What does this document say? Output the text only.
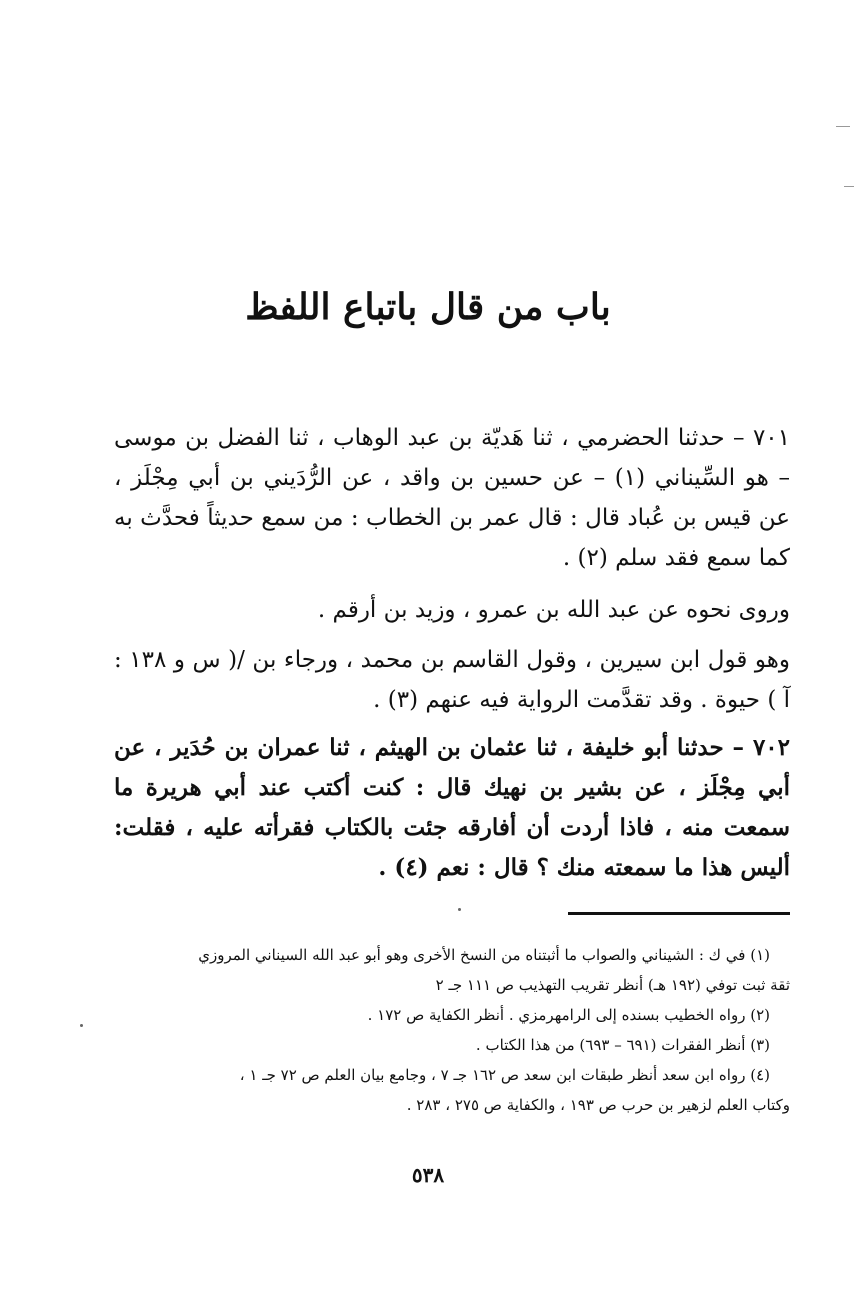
باب من قال باتباع اللفظ
٧٠١ – حدثنا الحضرمي ، ثنا هَديّة بن عبد الوهاب ، ثنا الفضل بن موسى – هو السِّيناني (١) – عن حسين بن واقد ، عن الرُّدَيني بن أبي مِجْلَز ، عن قيس بن عُباد قال : قال عمر بن الخطاب : من سمع حديثاً فحدَّث به كما سمع فقد سلم (٢) .
وروى نحوه عن عبد الله بن عمرو ، وزيد بن أرقم .
وهو قول ابن سيرين ، وقول القاسم بن محمد ، ورجاء بن /( س و ١٣٨ : آ ) حيوة . وقد تقدَّمت الرواية فيه عنهم (٣) .
٧٠٢ – حدثنا أبو خليفة ، ثنا عثمان بن الهيثم ، ثنا عمران بن حُدَير ، عن أبي مِجْلَز ، عن بشير بن نهيك قال : كنت أكتب عند أبي هريرة ما سمعت منه ، فاذا أردت أن أفارقه جئت بالكتاب فقرأته عليه ، فقلت: أليس هذا ما سمعته منك ؟ قال : نعم (٤) .

(١) في ك : الشيناني والصواب ما أثبتناه من النسخ الأخرى وهو أبو عبد الله السيناني المروزي

ثقة ثبت توفي (١٩٢ هـ) أنظر تقريب التهذيب ص ١١١ جـ ٢

(٢) رواه الخطيب بسنده إلى الرامهرمزي . أنظر الكفاية ص ١٧٢ .

(٣) أنظر الفقرات (٦٩١ – ٦٩٣) من هذا الكتاب .

(٤) رواه ابن سعد أنظر طبقات ابن سعد ص ١٦٢ جـ ٧ ، وجامع بيان العلم ص ٧٢ جـ ١ ،

وكتاب العلم لزهير بن حرب ص ١٩٣ ، والكفاية ص ٢٧٥ ، ٢٨٣ .

٥٣٨
